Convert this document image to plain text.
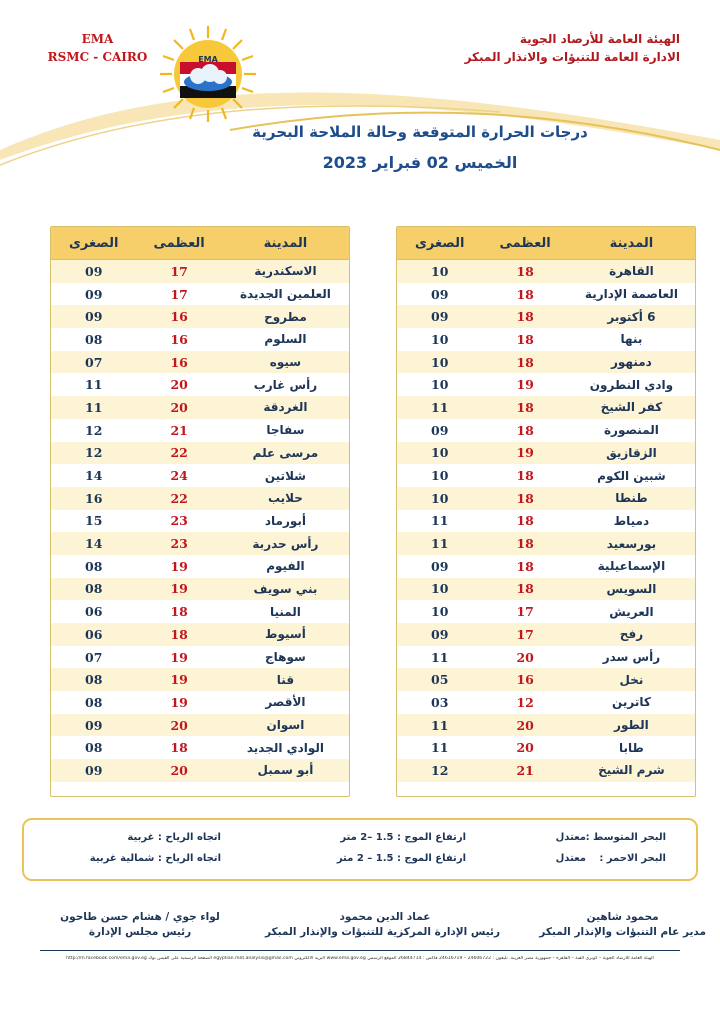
EMA
RSMC - CAIRO	EMA
الهيئة العامة للأرصاد الجوية
الادارة العامة للتنبؤات والانذار المبكر
درجات الحرارة المتوقعة وحالة الملاحة البحرية
الخميس 02 فبراير 2023
المدينة
العظمى
الصغرى
القاهرة
18
10
العاصمة الإدارية
18
09
6 أكتوبر
18
09
بنها
18
10
دمنهور
18
10
وادي النطرون
19
10
كفر الشيخ
18
11
المنصورة
18
09
الزقازيق
19
10
شبين الكوم
18
10
طنطا
18
10
دمياط
18
11
بورسعيد
18
11
الإسماعيلية
18
09
السويس
18
10
العريش
17
10
رفح
17
09
رأس سدر
20
11
نخل
16
05
كاترين
12
03
الطور
20
11
طابا
20
11
شرم الشيخ
21
12
المدينة
العظمى
الصغرى
الاسكندرية
17
09
العلمين الجديدة
17
09
مطروح
16
09
السلوم
16
08
سيوه
16
07
رأس غارب
20
11
الغردقة
20
11
سفاجا
21
12
مرسى علم
22
12
شلاتين
24
14
حلايب
22
16
أبورماد
23
15
رأس حدربة
23
14
الفيوم
19
08
بني سويف
19
08
المنيا
18
06
أسيوط
18
06
سوهاج
19
07
قنا
19
08
الأقصر
19
08
اسوان
20
09
الوادي الجديد
18
08
أبو سمبل
20
09
البحر المتوسط :
معتدل
ارتفاع الموج : 1.5 –2 متر
اتجاه الرياح : غربية
البحر الاحمر :
معتدل
ارتفاع الموج : 1.5 – 2 متر
اتجاه الرياح : شمالية غربية
محمود شاهين
مدير عام التنبؤات والإنذار المبكر
عماد الدين محمود
رئيس الإدارة المركزية للتنبؤات والإنذار المبكر
لواء جوي / هشام حسن طاحون
رئيس مجلس الإدارة
الهيئة العامة للأرصاد الجوية – كوبري القبة – القاهرة – جمهورية مصر العربية. تليفون : 24606722 – 24616719 فاكس : 26844714 الموقع الرسمي www.ema.gov.eg البريد الالكتروني egyptian.met.analysis@gmail.com الصفحة الرسمية على الفيس بوك http://m.facebook.com/ema.gov.eg
